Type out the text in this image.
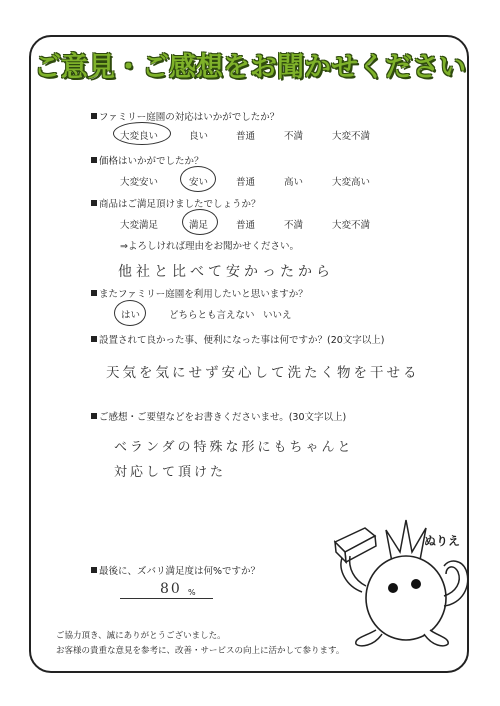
ご意見・ご感想をお聞かせください
ファミリー庭園の対応はいかがでしたか？
大変良い	良い	普通	不満	大変不満
価格はいかがでしたか？
大変安い	安い	普通	高い	大変高い
商品はご満足頂けましたでしょうか？
大変満足	満足	普通	不満	大変不満
⇒よろしければ理由をお聞かせください。
他社と比べて安かったから
またファミリー庭園を利用したいと思いますか？
はい	どちらとも言えない いいえ
設置されて良かった事、便利になった事は何ですか？(20文字以上)
天気を気にせず安心して洗たく物を干せる
ご感想・ご要望などをお書きくださいませ。(30文字以上)
ベランダの特殊な形にもちゃんと
対応して頂けた
最後に、ズバリ満足度は何%ですか？
80 %
ご協力頂き、誠にありがとうございました。
お客様の貴重な意見を参考に、改善・サービスの向上に活かして参ります。
ぬりえ
